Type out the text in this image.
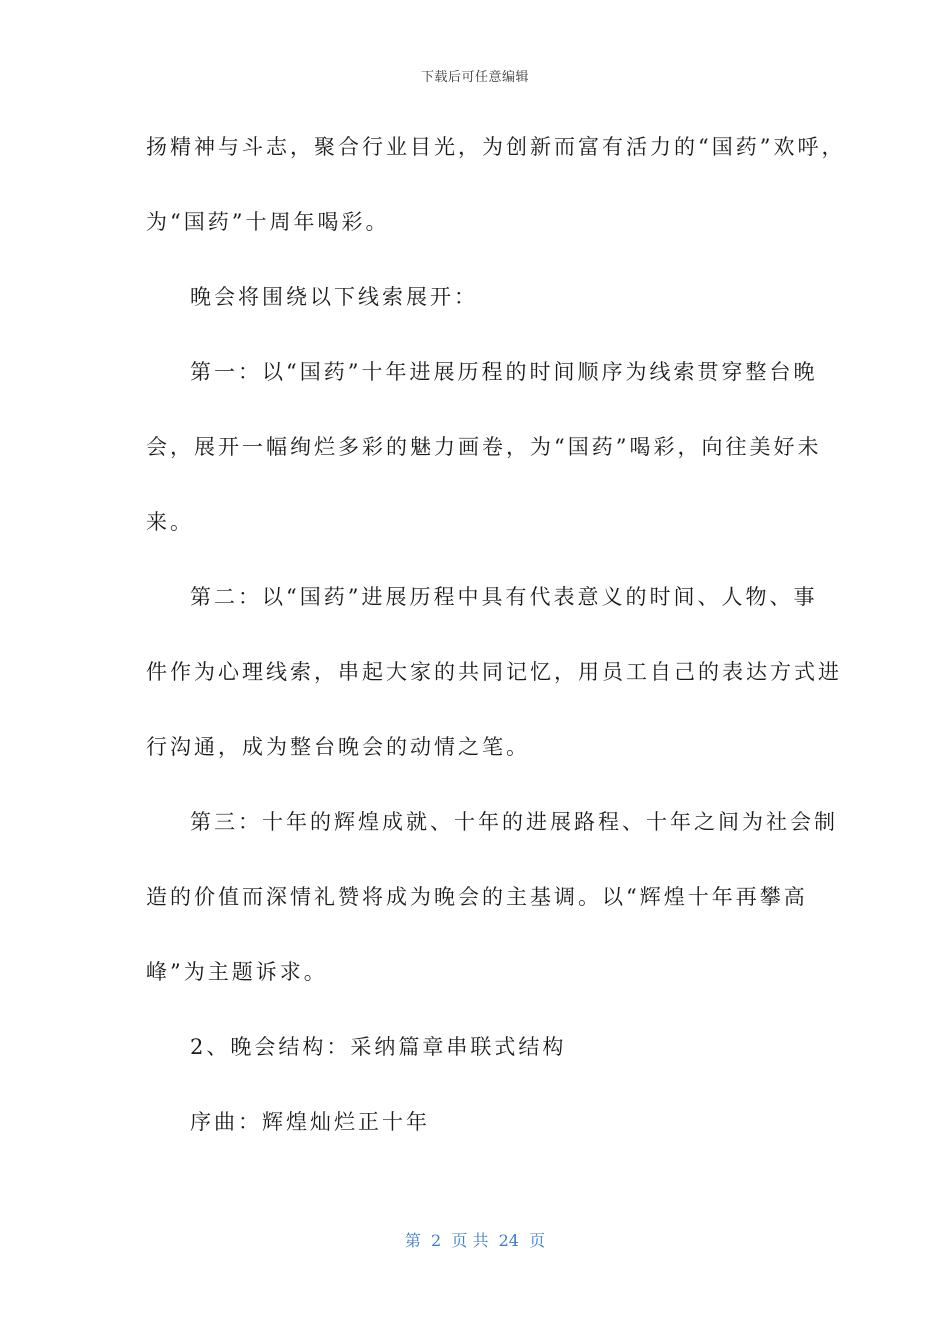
下载后可任意编辑
扬精神与斗志，聚合行业目光，为创新而富有活力的“国药”欢呼，
为“国药”十周年喝彩。
晚会将围绕以下线索展开：
第一：以“国药”十年进展历程的时间顺序为线索贯穿整台晚
会，展开一幅绚烂多彩的魅力画卷，为“国药”喝彩，向往美好未
来。
第二：以“国药”进展历程中具有代表意义的时间、人物、事
件作为心理线索，串起大家的共同记忆，用员工自己的表达方式进
行沟通，成为整台晚会的动情之笔。
第三：十年的辉煌成就、十年的进展路程、十年之间为社会制
造的价值而深情礼赞将成为晚会的主基调。以“辉煌十年再攀高
峰”为主题诉求。
2、晚会结构：采纳篇章串联式结构
序曲：辉煌灿烂正十年
第  2  页 共  24  页
